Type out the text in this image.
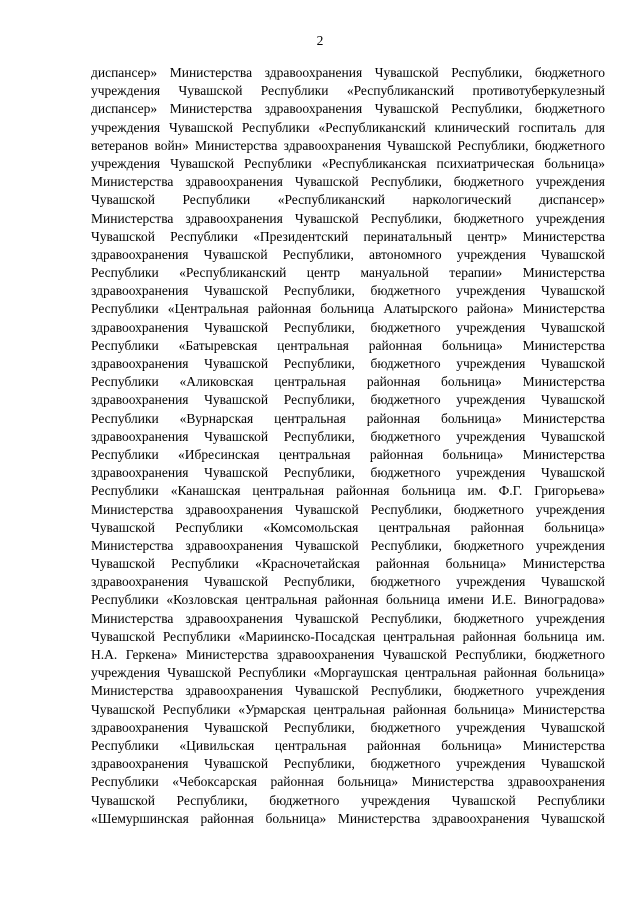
2
диспансер» Министерства здравоохранения Чувашской Республики, бюджетного
учреждения Чувашской Республики «Республиканский противотуберкулезный
диспансер» Министерства здравоохранения Чувашской Республики, бюджетного
учреждения Чувашской Республики «Республиканский клинический госпиталь для
ветеранов войн» Министерства здравоохранения Чувашской Республики, бюджетного
учреждения Чувашской Республики «Республиканская психиатрическая больница»
Министерства здравоохранения Чувашской Республики, бюджетного учреждения
Чувашской Республики «Республиканский наркологический диспансер»
Министерства здравоохранения Чувашской Республики, бюджетного учреждения
Чувашской Республики «Президентский перинатальный центр» Министерства
здравоохранения Чувашской Республики, автономного учреждения Чувашской
Республики «Республиканский центр мануальной терапии» Министерства
здравоохранения Чувашской Республики, бюджетного учреждения Чувашской
Республики «Центральная районная больница Алатырского района» Министерства
здравоохранения Чувашской Республики, бюджетного учреждения Чувашской
Республики «Батыревская центральная районная больница» Министерства
здравоохранения Чувашской Республики, бюджетного учреждения Чувашской
Республики «Аликовская центральная районная больница» Министерства
здравоохранения Чувашской Республики, бюджетного учреждения Чувашской
Республики «Вурнарская центральная районная больница» Министерства
здравоохранения Чувашской Республики, бюджетного учреждения Чувашской
Республики «Ибресинская центральная районная больница» Министерства
здравоохранения Чувашской Республики, бюджетного учреждения Чувашской
Республики «Канашская центральная районная больница им. Ф.Г. Григорьева»
Министерства здравоохранения Чувашской Республики, бюджетного учреждения
Чувашской Республики «Комсомольская центральная районная больница»
Министерства здравоохранения Чувашской Республики, бюджетного учреждения
Чувашской Республики «Красночетайская районная больница» Министерства
здравоохранения Чувашской Республики, бюджетного учреждения Чувашской
Республики «Козловская центральная районная больница имени И.Е. Виноградова»
Министерства здравоохранения Чувашской Республики, бюджетного учреждения
Чувашской Республики «Мариинско-Посадская центральная районная больница им.
Н.А. Геркена» Министерства здравоохранения Чувашской Республики, бюджетного
учреждения Чувашской Республики «Моргаушская центральная районная больница»
Министерства здравоохранения Чувашской Республики, бюджетного учреждения
Чувашской Республики «Урмарская центральная районная больница» Министерства
здравоохранения Чувашской Республики, бюджетного учреждения Чувашской
Республики «Цивильская центральная районная больница» Министерства
здравоохранения Чувашской Республики, бюджетного учреждения Чувашской
Республики «Чебоксарская районная больница» Министерства здравоохранения
Чувашской Республики, бюджетного учреждения Чувашской Республики
«Шемуршинская районная больница» Министерства здравоохранения Чувашской
